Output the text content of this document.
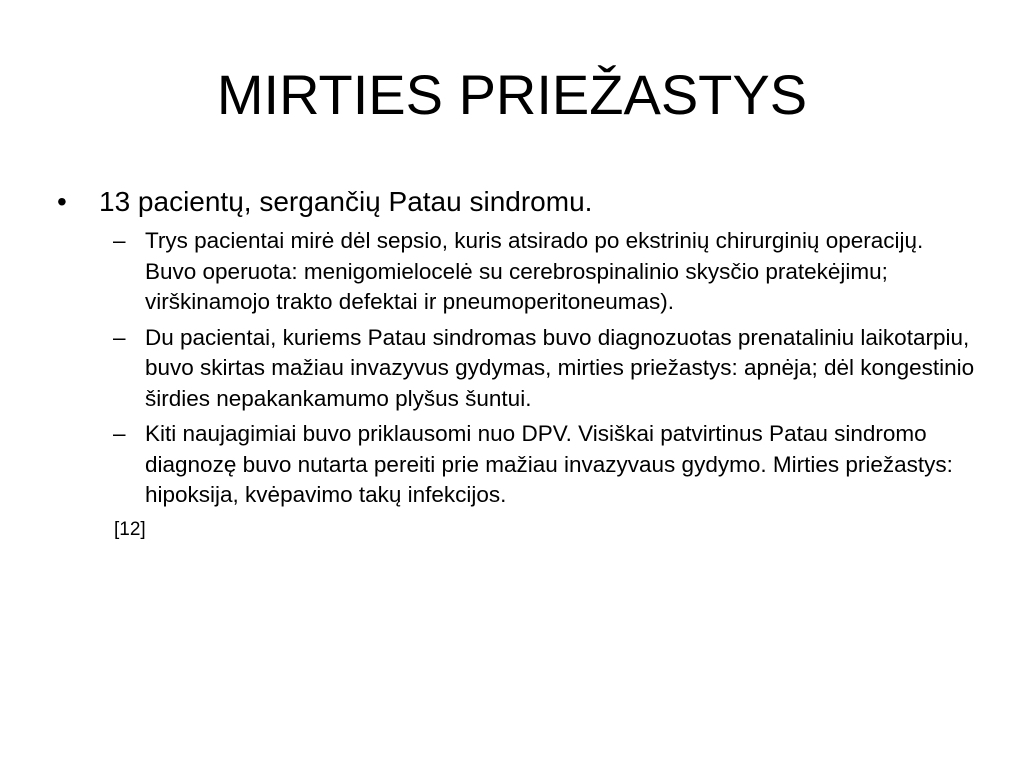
MIRTIES PRIEŽASTYS
•	13 pacientų, sergančių Patau sindromu.
– Trys pacientai mirė dėl sepsio, kuris atsirado po ekstrinių chirurginių operacijų. Buvo operuota: menigomielocelė su cerebrospinalinio skysčio pratekėjimu; virškinamojo trakto defektai ir pneumoperitoneumas).
– Du pacientai, kuriems Patau sindromas buvo diagnozuotas prenataliniu laikotarpiu, buvo skirtas mažiau invazyvus gydymas, mirties priežastys: apnėja; dėl kongestinio širdies nepakankamumo plyšus šuntui.
– Kiti naujagimiai buvo priklausomi nuo DPV. Visiškai patvirtinus Patau sindromo diagnozę buvo nutarta pereiti prie mažiau invazyvaus gydymo. Mirties priežastys: hipoksija, kvėpavimo takų infekcijos.
[12]
